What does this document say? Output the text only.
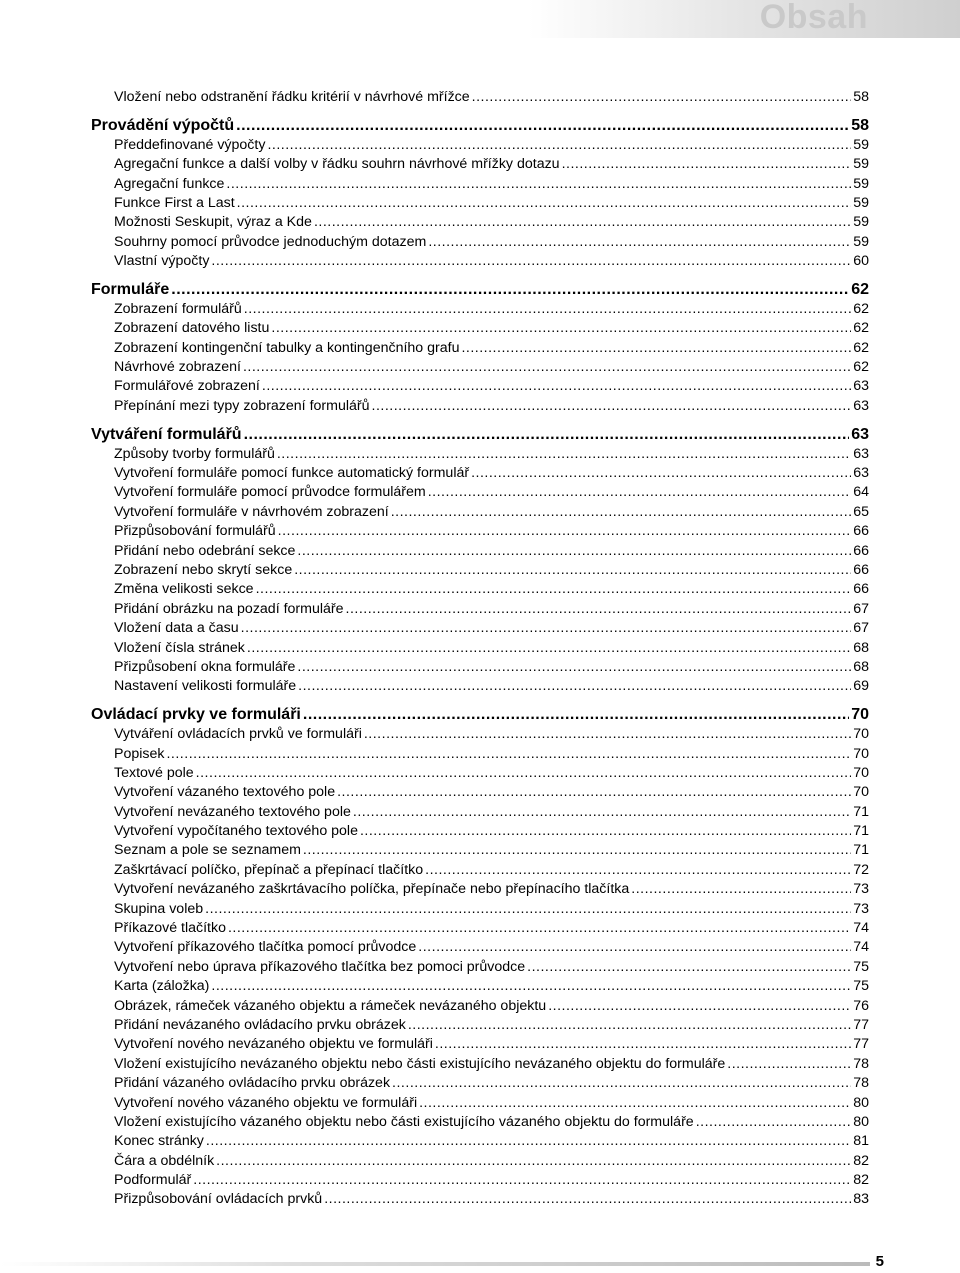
Obsah
Vložení nebo odstranění řádku kritérií v návrhové mřížce .....	58
Provádění výpočtů .....	58
Předdefinované výpočty .....	59
Agregační funkce a další volby v řádku souhrn návrhové mřížky dotazu .....	59
Agregační funkce .....	59
Funkce First a Last .....	59
Možnosti Seskupit, výraz a Kde .....	59
Souhrny pomocí průvodce jednoduchým dotazem .....	59
Vlastní výpočty .....	60
Formuláře .....	62
Zobrazení formulářů .....	62
Zobrazení datového listu .....	62
Zobrazení kontingenční tabulky a kontingenčního grafu .....	62
Návrhové zobrazení .....	62
Formulářové zobrazení .....	63
Přepínání mezi typy zobrazení formulářů .....	63
Vytváření formulářů .....	63
Způsoby tvorby formulářů .....	63
Vytvoření formuláře pomocí funkce automatický formulář .....	63
Vytvoření formuláře pomocí průvodce formulářem .....	64
Vytvoření formuláře v návrhovém zobrazení .....	65
Přizpůsobování formulářů .....	66
Přidání nebo odebrání sekce .....	66
Zobrazení nebo skrytí sekce .....	66
Změna velikosti sekce .....	66
Přidání obrázku na pozadí formuláře .....	67
Vložení data a času .....	67
Vložení čísla stránek .....	68
Přizpůsobení okna formuláře .....	68
Nastavení velikosti formuláře .....	69
Ovládací prvky ve formuláři .....	70
Vytváření ovládacích prvků ve formuláři .....	70
Popisek .....	70
Textové pole .....	70
Vytvoření vázaného textového pole .....	70
Vytvoření nevázaného textového pole .....	71
Vytvoření vypočítaného textového pole .....	71
Seznam a pole se seznamem .....	71
Zaškrtávací políčko, přepínač a přepínací tlačítko .....	72
Vytvoření nevázaného zaškrtávacího políčka, přepínače nebo přepínacího tlačítka .....	73
Skupina voleb .....	73
Příkazové tlačítko .....	74
Vytvoření příkazového tlačítka pomocí průvodce .....	74
Vytvoření nebo úprava příkazového tlačítka bez pomoci průvodce .....	75
Karta (záložka) .....	75
Obrázek, rámeček vázaného objektu a rámeček nevázaného objektu .....	76
Přidání nevázaného ovládacího prvku obrázek .....	77
Vytvoření nového nevázaného objektu ve formuláři .....	77
Vložení existujícího nevázaného objektu nebo části existujícího nevázaného objektu do formuláře .....	78
Přidání vázaného ovládacího prvku obrázek .....	78
Vytvoření nového vázaného objektu ve formuláři .....	80
Vložení existujícího vázaného objektu nebo části existujícího vázaného objektu do formuláře .....	80
Konec stránky .....	81
Čára a obdélník .....	82
Podformulář .....	82
Přizpůsobování ovládacích prvků .....	83
5
